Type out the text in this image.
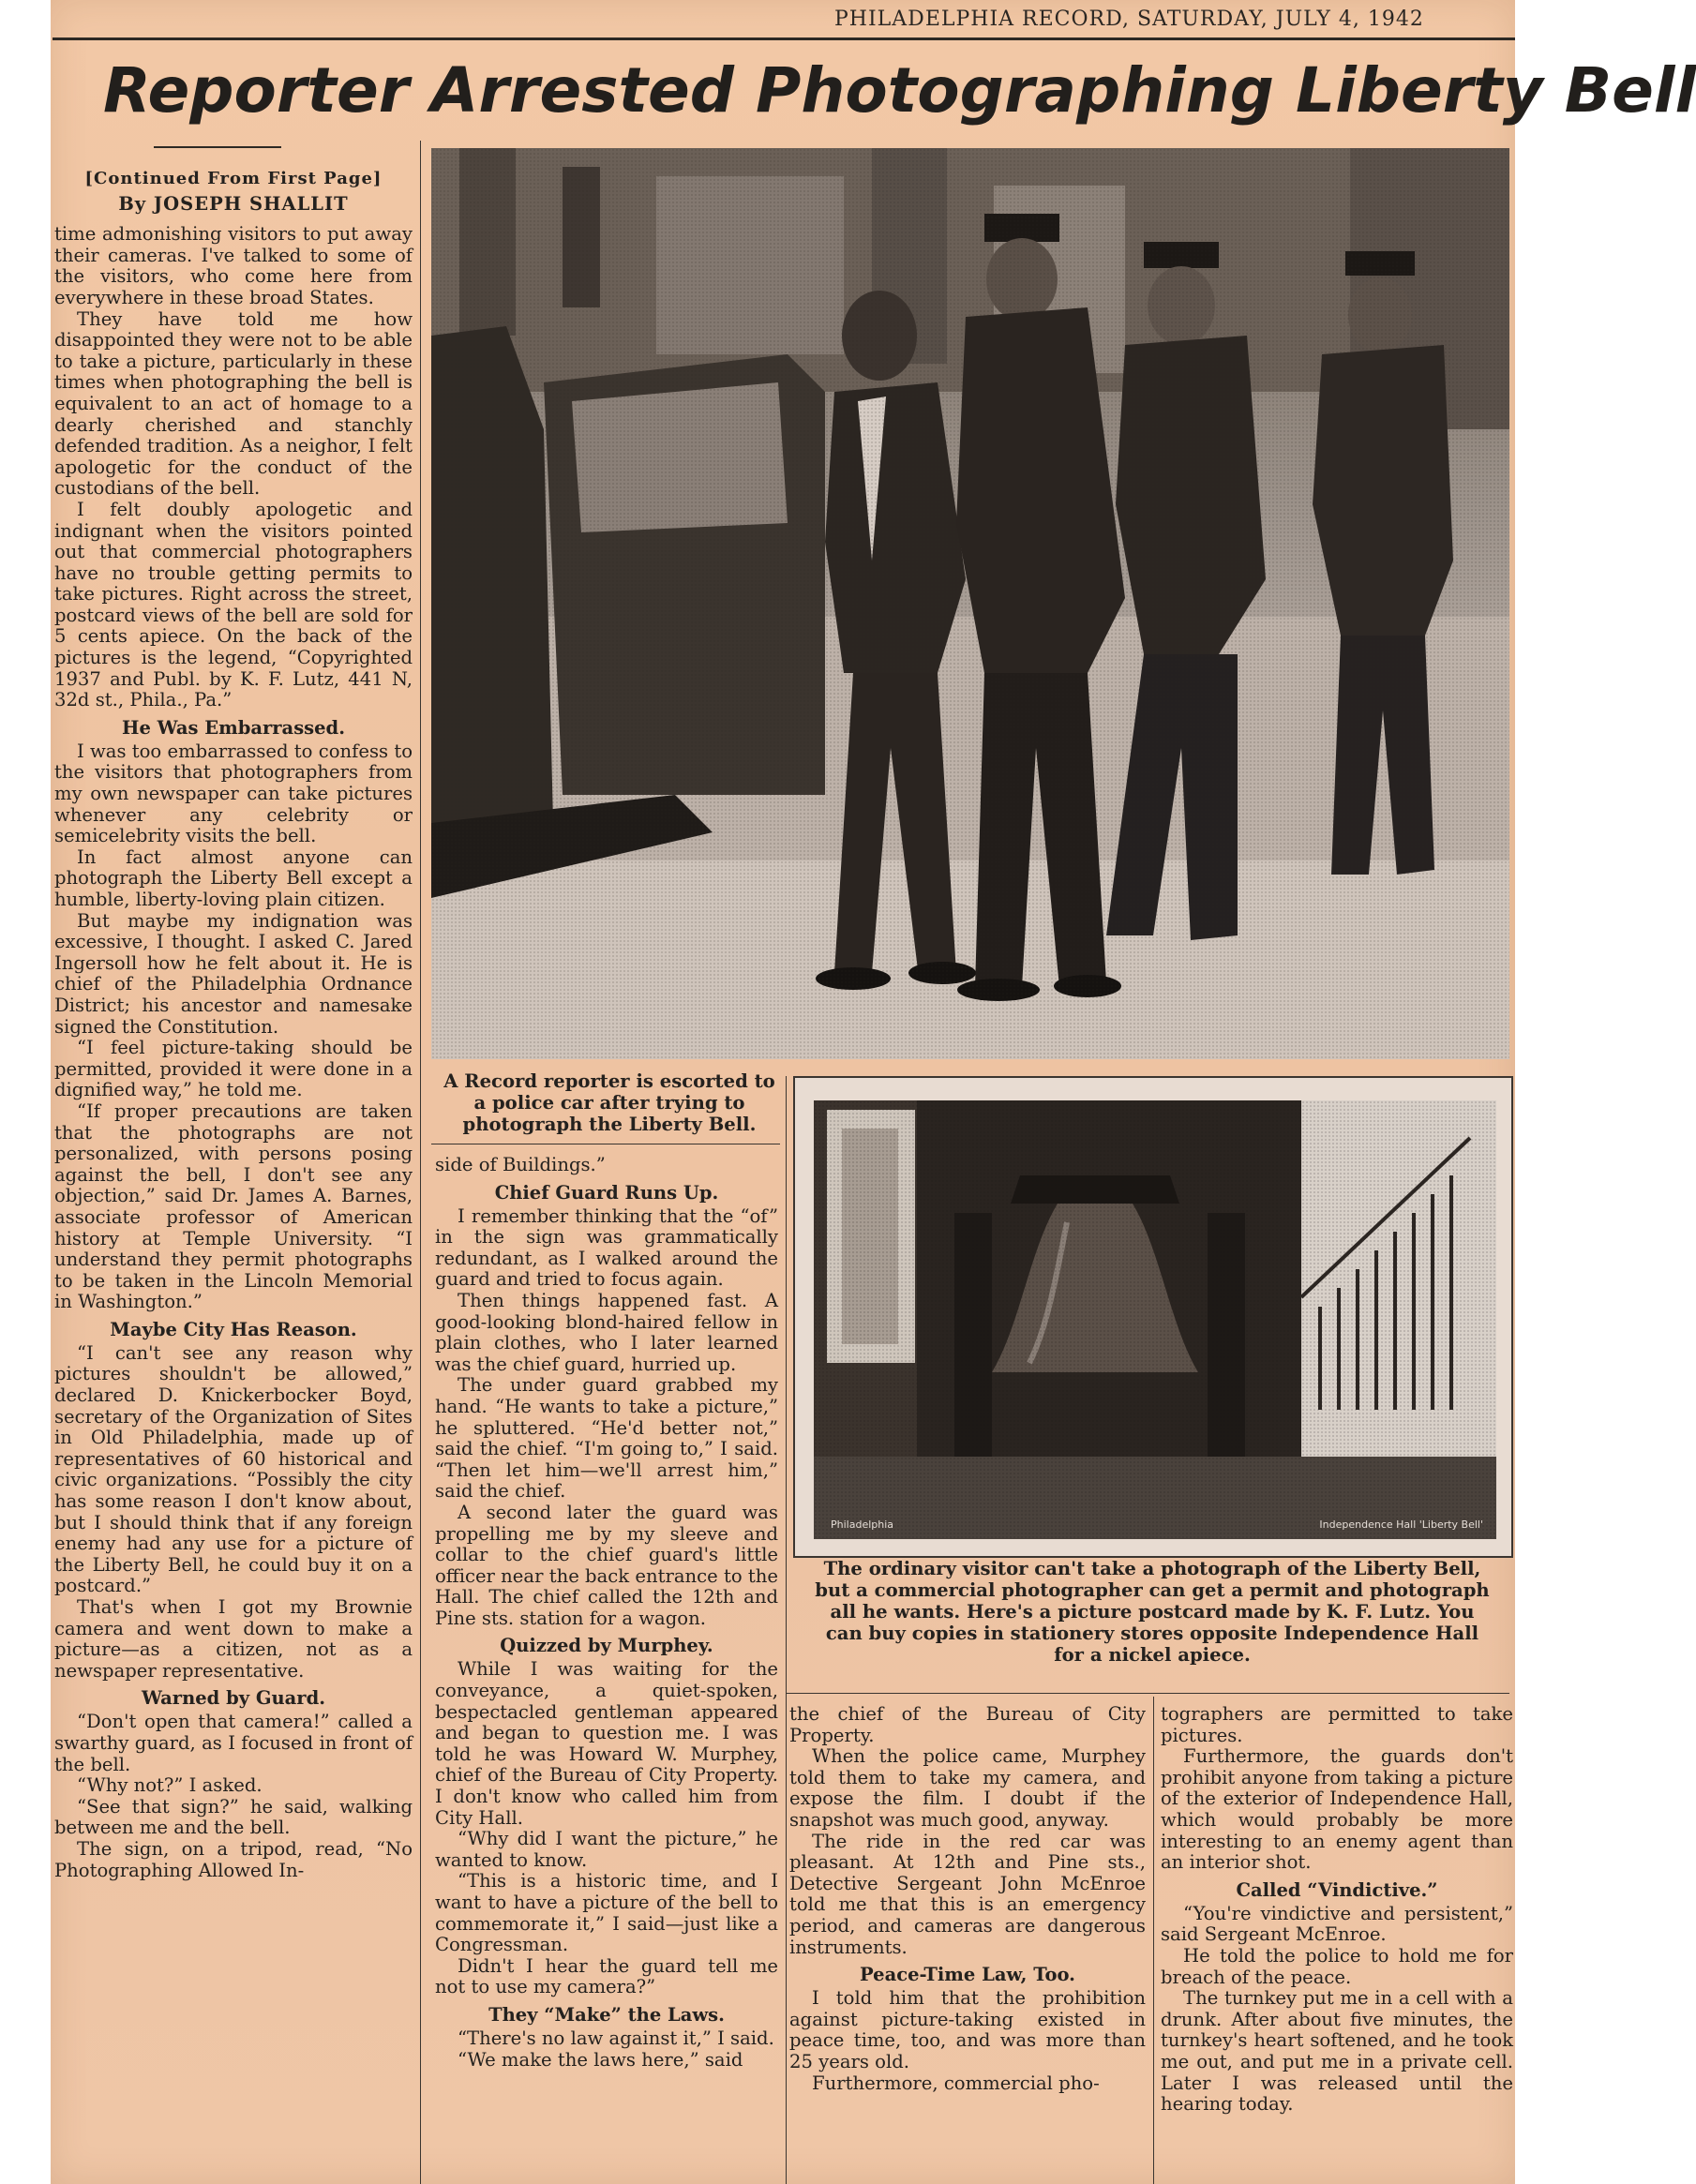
PHILADELPHIA RECORD, SATURDAY, JULY 4, 1942
Reporter Arrested Photographing Liberty Bell
[Continued From First Page]
By JOSEPH SHALLIT

time admonishing visitors to put away their cameras. I've talked to some of the visitors, who come here from everywhere in these broad States.

They have told me how disappointed they were not to be able to take a picture, particularly in these times when photographing the bell is equivalent to an act of homage to a dearly cherished and stanchly defended tradition. As a neighor, I felt apologetic for the conduct of the custodians of the bell.

I felt doubly apologetic and indignant when the visitors pointed out that commercial photographers have no trouble getting permits to take pictures. Right across the street, postcard views of the bell are sold for 5 cents apiece. On the back of the pictures is the legend, “Copyrighted 1937 and Publ. by K. F. Lutz, 441 N, 32d st., Phila., Pa.”

He Was Embarrassed.

I was too embarrassed to confess to the visitors that photographers from my own newspaper can take pictures whenever any celebrity or semicelebrity visits the bell.

In fact almost anyone can photograph the Liberty Bell except a humble, liberty-loving plain citizen.

But maybe my indignation was excessive, I thought. I asked C. Jared Ingersoll how he felt about it. He is chief of the Philadelphia Ordnance District; his ancestor and namesake signed the Constitution.

“I feel picture-taking should be permitted, provided it were done in a dignified way,” he told me.

“If proper precautions are taken that the photographs are not personalized, with persons posing against the bell, I don't see any objection,” said Dr. James A. Barnes, associate professor of American history at Temple University. “I understand they permit photographs to be taken in the Lincoln Memorial in Washington.”

Maybe City Has Reason.

“I can't see any reason why pictures shouldn't be allowed,” declared D. Knickerbocker Boyd, secretary of the Organization of Sites in Old Philadelphia, made up of representatives of 60 historical and civic organizations. “Possibly the city has some reason I don't know about, but I should think that if any foreign enemy had any use for a picture of the Liberty Bell, he could buy it on a postcard.”

That's when I got my Brownie camera and went down to make a picture—as a citizen, not as a newspaper representative.

Warned by Guard.

“Don't open that camera!” called a swarthy guard, as I focused in front of the bell.

“Why not?” I asked.

“See that sign?” he said, walking between me and the bell.

The sign, on a tripod, read, “No Photographing Allowed In-

A Record reporter is escorted to a police car after trying to photograph the Liberty Bell.
Philadelphia	Independence Hall 'Liberty Bell'
The ordinary visitor can't take a photograph of the Liberty Bell, but a commercial photographer can get a permit and photograph all he wants. Here's a picture postcard made by K. F. Lutz. You can buy copies in stationery stores opposite Independence Hall for a nickel apiece.

side of Buildings.”

Chief Guard Runs Up.

I remember thinking that the “of” in the sign was grammatically redundant, as I walked around the guard and tried to focus again.

Then things happened fast. A good-looking blond-haired fellow in plain clothes, who I later learned was the chief guard, hurried up.

The under guard grabbed my hand. “He wants to take a picture,” he spluttered. “He'd better not,” said the chief. “I'm going to,” I said. “Then let him—we'll arrest him,” said the chief.

A second later the guard was propelling me by my sleeve and collar to the chief guard's little officer near the back entrance to the Hall. The chief called the 12th and Pine sts. station for a wagon.

Quizzed by Murphey.

While I was waiting for the conveyance, a quiet-spoken, bespectacled gentleman appeared and began to question me. I was told he was Howard W. Murphey, chief of the Bureau of City Property. I don't know who called him from City Hall.

“Why did I want the picture,” he wanted to know.

“This is a historic time, and I want to have a picture of the bell to commemorate it,” I said—just like a Congressman.

Didn't I hear the guard tell me not to use my camera?”

They “Make” the Laws.

“There's no law against it,” I said.

“We make the laws here,” said

the chief of the Bureau of City Property.

When the police came, Murphey told them to take my camera, and expose the film. I doubt if the snapshot was much good, anyway.

The ride in the red car was pleasant. At 12th and Pine sts., Detective Sergeant John McEnroe told me that this is an emergency period, and cameras are dangerous instruments.

Peace-Time Law, Too.

I told him that the prohibition against picture-taking existed in peace time, too, and was more than 25 years old.

Furthermore, commercial pho-

tographers are permitted to take pictures.

Furthermore, the guards don't prohibit anyone from taking a picture of the exterior of Independence Hall, which would probably be more interesting to an enemy agent than an interior shot.

Called “Vindictive.”

“You're vindictive and persistent,” said Sergeant McEnroe.

He told the police to hold me for breach of the peace.

The turnkey put me in a cell with a drunk. After about five minutes, the turnkey's heart softened, and he took me out, and put me in a private cell. Later I was released until the hearing today.
